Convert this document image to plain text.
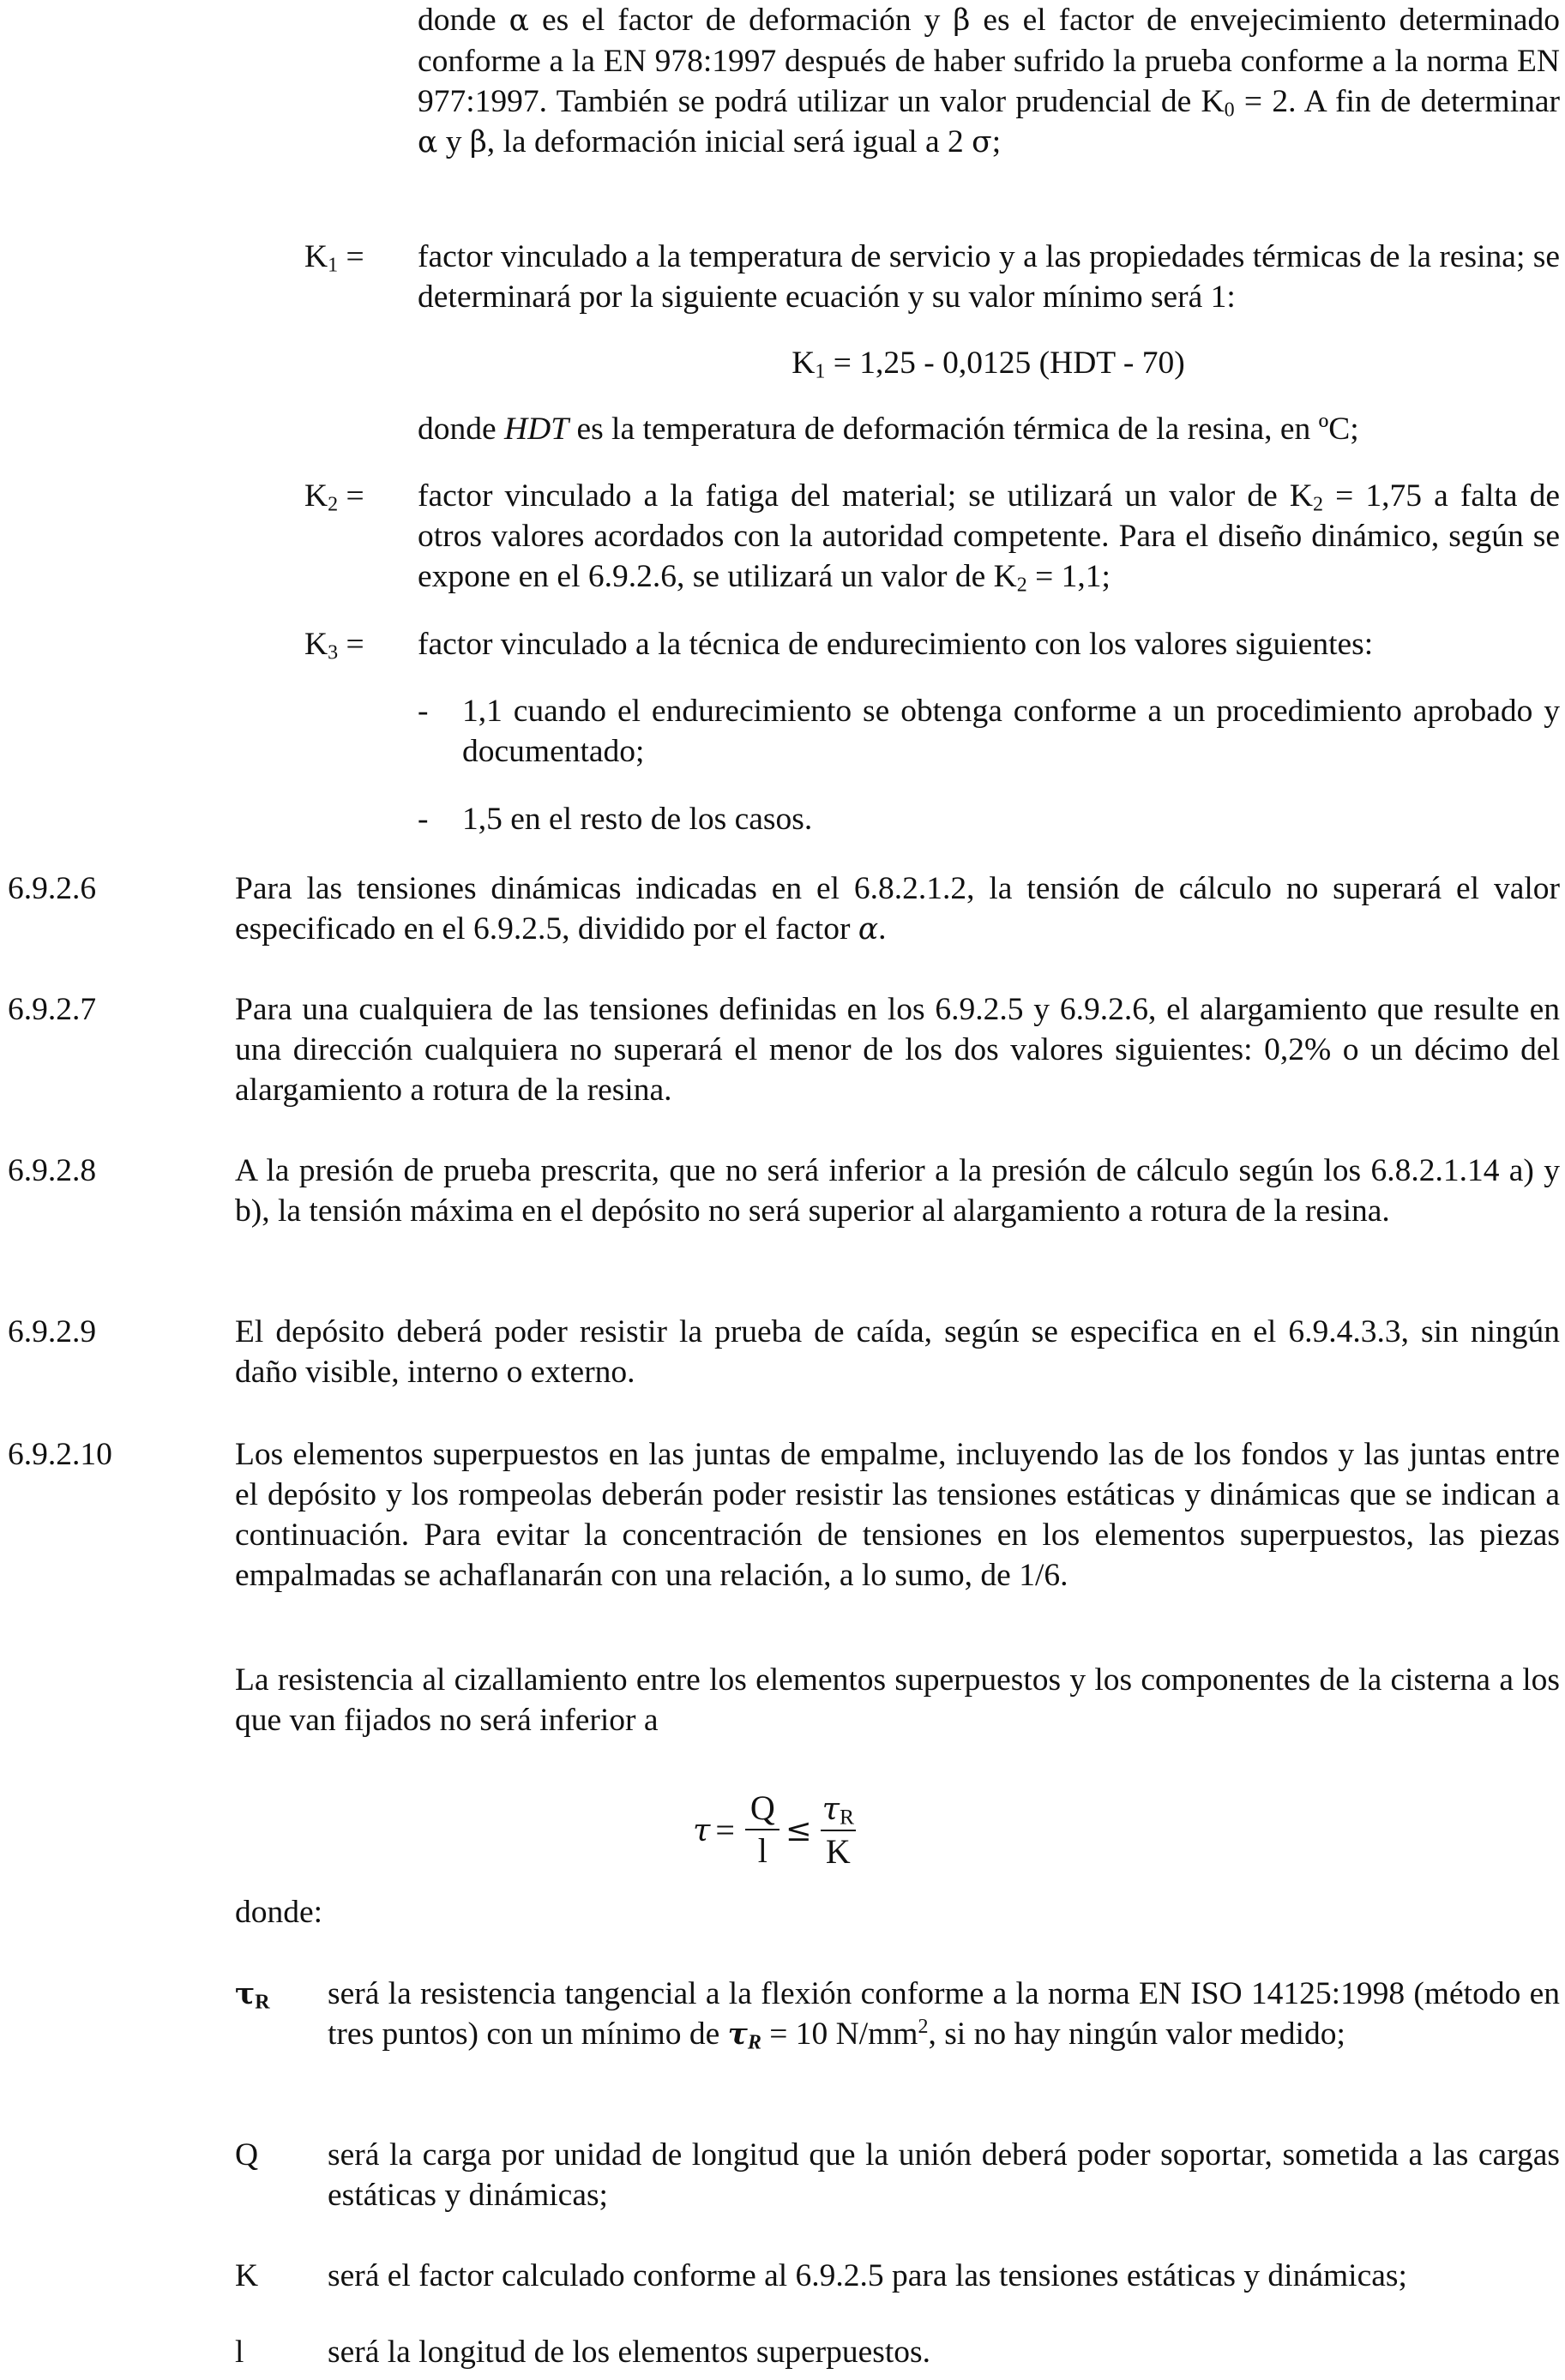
donde α es el factor de deformación y β es el factor de envejecimiento determinado conforme a la EN 978:1997 después de haber sufrido la prueba conforme a la norma EN 977:1997. También se podrá utilizar un valor prudencial de $K_0 = 2$. A fin de determinar α y β, la deformación inicial será igual a 2 σ;

$K_1$ = factor vinculado a la temperatura de servicio y a las propiedades térmicas de la resina; se determinará por la siguiente ecuación y su valor mínimo será 1:

$K_1 = 1,25 - 0,0125$ (HDT - 70)

donde HDT es la temperatura de deformación térmica de la resina, en ºC;

$K_2$ = factor vinculado a la fatiga del material; se utilizará un valor de $K_2 = 1,75$ a falta de otros valores acordados con la autoridad competente. Para el diseño dinámico, según se expone en el 6.9.2.6, se utilizará un valor de $K_2 = 1,1$;

$K_3$ = factor vinculado a la técnica de endurecimiento con los valores siguientes:

- 1,1 cuando el endurecimiento se obtenga conforme a un procedimiento aprobado y documentado;

- 1,5 en el resto de los casos.

6.9.2.6	Para las tensiones dinámicas indicadas en el 6.8.2.1.2, la tensión de cálculo no superará el valor especificado en el 6.9.2.5, dividido por el factor α.

6.9.2.7	Para una cualquiera de las tensiones definidas en los 6.9.2.5 y 6.9.2.6, el alargamiento que resulte en una dirección cualquiera no superará el menor de los dos valores siguientes: 0,2% o un décimo del alargamiento a rotura de la resina.

6.9.2.8	A la presión de prueba prescrita, que no será inferior a la presión de cálculo según los 6.8.2.1.14 a) y b), la tensión máxima en el depósito no será superior al alargamiento a rotura de la resina.

6.9.2.9	El depósito deberá poder resistir la prueba de caída, según se especifica en el 6.9.4.3.3, sin ningún daño visible, interno o externo.

6.9.2.10	Los elementos superpuestos en las juntas de empalme, incluyendo las de los fondos y las juntas entre el depósito y los rompeolas deberán poder resistir las tensiones estáticas y dinámicas que se indican a continuación. Para evitar la concentración de tensiones en los elementos superpuestos, las piezas empalmadas se achaflanarán con una relación, a lo sumo, de 1/6.

La resistencia al cizallamiento entre los elementos superpuestos y los componentes de la cisterna a los que van fijados no será inferior a

$\tau = \frac{Q}{l} \le \frac{\tau_R}{K}$
donde:
$\tau_R$ será la resistencia tangencial a la flexión conforme a la norma EN ISO 14125:1998 (método en tres puntos) con un mínimo de $\tau_R = 10$ $N/mm^2$, si no hay ningún valor medido;

Q será la carga por unidad de longitud que la unión deberá poder soportar, sometida a las cargas estáticas y dinámicas;

K será el factor calculado conforme al 6.9.2.5 para las tensiones estáticas y dinámicas;

l	será la longitud de los elementos superpuestos.
